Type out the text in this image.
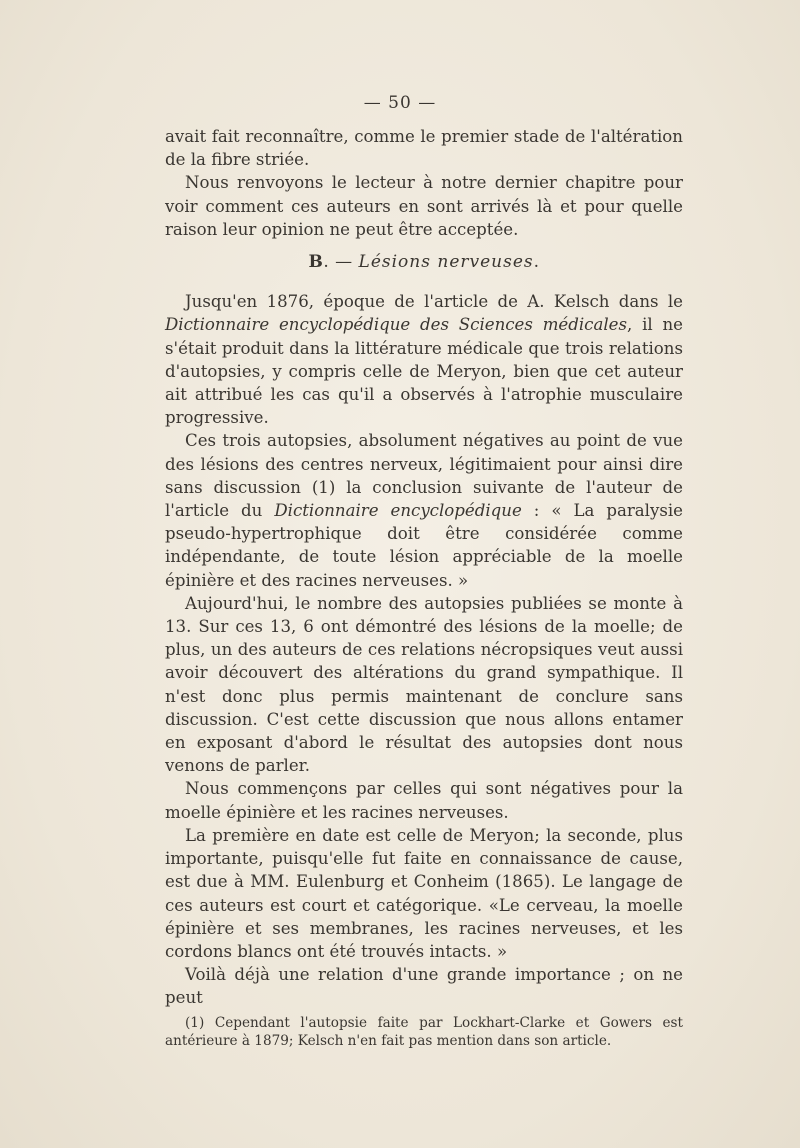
— 50 —

avait fait reconnaître, comme le premier stade de l'altération de la fibre striée.

Nous renvoyons le lecteur à notre dernier chapitre pour voir comment ces auteurs en sont arrivés là et pour quelle raison leur opinion ne peut être acceptée.

B. — Lésions nerveuses.

Jusqu'en 1876, époque de l'article de A. Kelsch dans le Dictionnaire encyclopédique des Sciences médicales, il ne s'était produit dans la littérature médicale que trois relations d'autopsies, y compris celle de Meryon, bien que cet auteur ait attribué les cas qu'il a observés à l'atrophie musculaire progressive.

Ces trois autopsies, absolument négatives au point de vue des lésions des centres nerveux, légitimaient pour ainsi dire sans discussion (1) la conclusion suivante de l'auteur de l'article du Dictionnaire encyclopédique : « La paralysie pseudo-hypertrophique doit être considérée comme indépendante, de toute lésion appréciable de la moelle épinière et des racines nerveuses. »

Aujourd'hui, le nombre des autopsies publiées se monte à 13. Sur ces 13, 6 ont démontré des lésions de la moelle; de plus, un des auteurs de ces relations nécropsiques veut aussi avoir découvert des altérations du grand sympathique. Il n'est donc plus permis maintenant de conclure sans discussion. C'est cette discussion que nous allons entamer en exposant d'abord le résultat des autopsies dont nous venons de parler.

Nous commençons par celles qui sont négatives pour la moelle épinière et les racines nerveuses.

La première en date est celle de Meryon; la seconde, plus importante, puisqu'elle fut faite en connaissance de cause, est due à MM. Eulenburg et Conheim (1865). Le langage de ces auteurs est court et catégorique. «Le cerveau, la moelle épinière et ses membranes, les racines nerveuses, et les cordons blancs ont été trouvés intacts. »

Voilà déjà une relation d'une grande importance ; on ne peut

(1) Cependant l'autopsie faite par Lockhart-Clarke et Gowers est antérieure à 1879; Kelsch n'en fait pas mention dans son article.
